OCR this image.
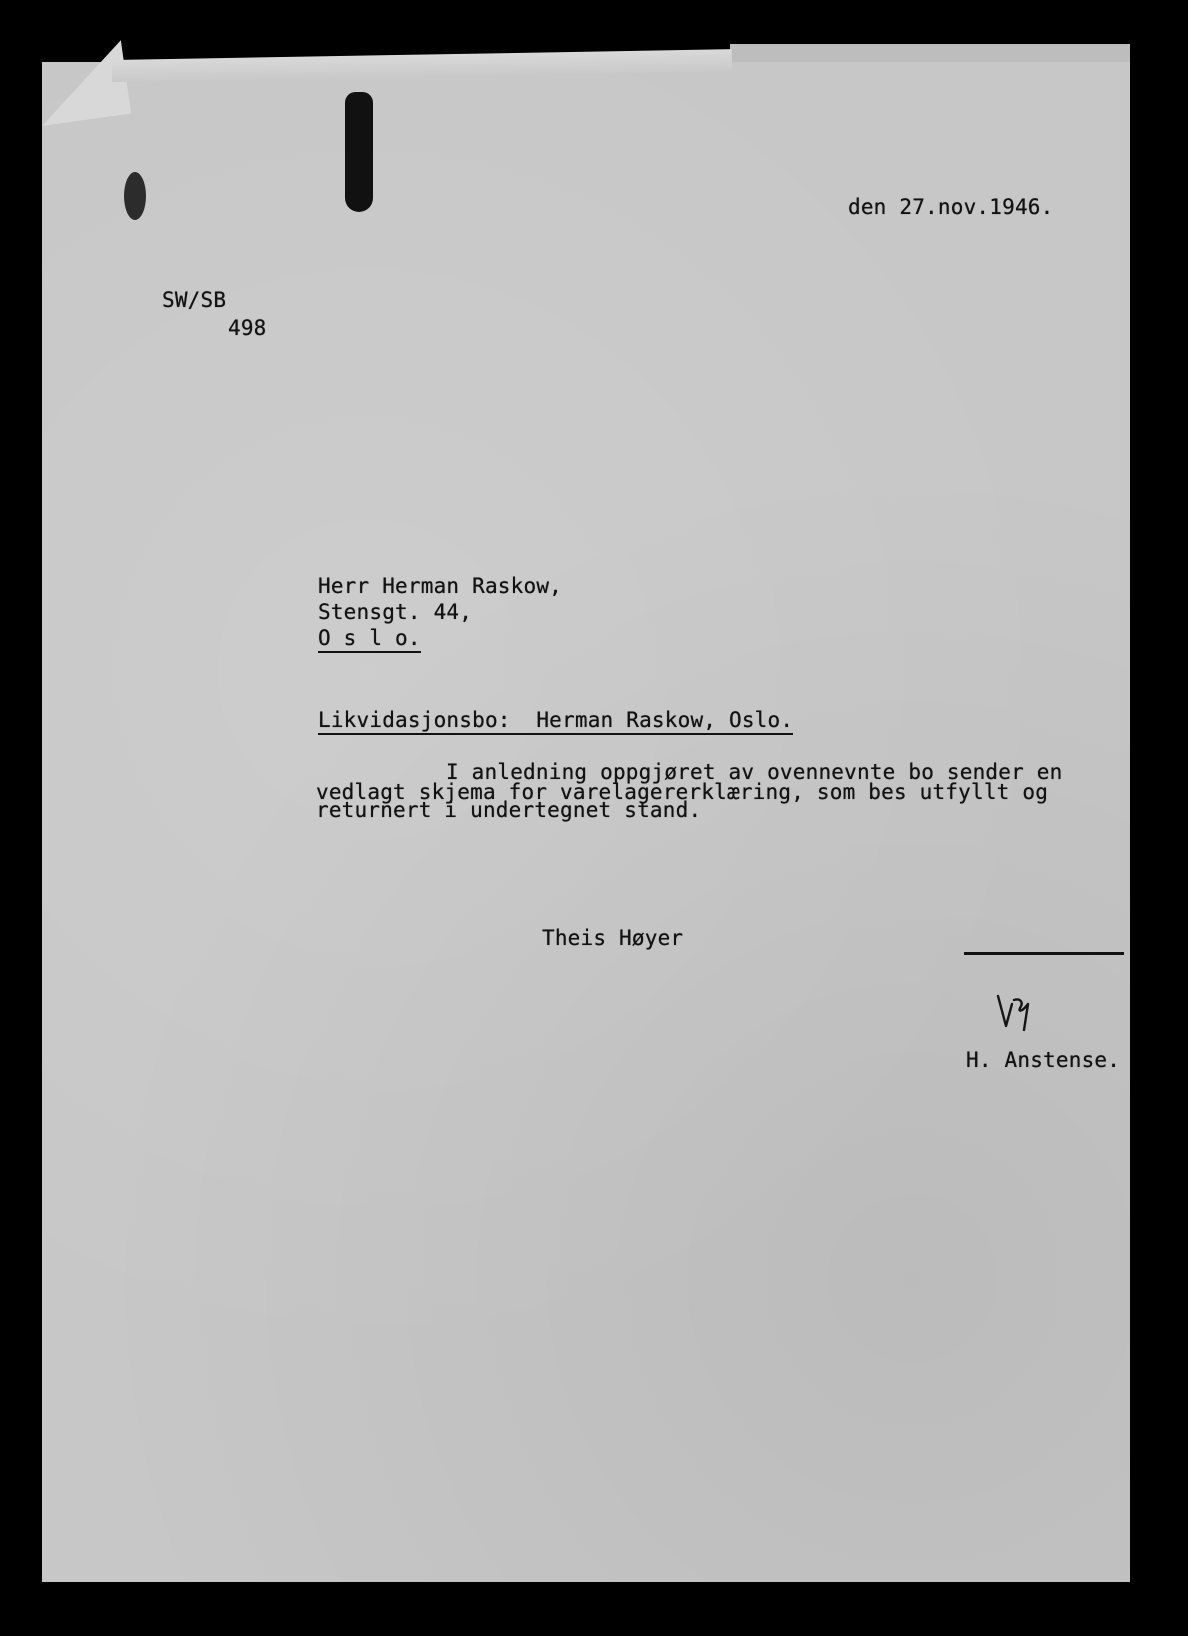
den 27.nov.1946.
SW/SB
498
Herr Herman Raskow,
Stensgt. 44,
O s l o.
Likvidasjonsbo:  Herman Raskow, Oslo.
I anledning oppgjøret av ovennevnte bo sender en
vedlagt skjema for varelagererklæring, som bes utfyllt og
returnert i undertegnet stand.
Theis Høyer
H. Anstense.
